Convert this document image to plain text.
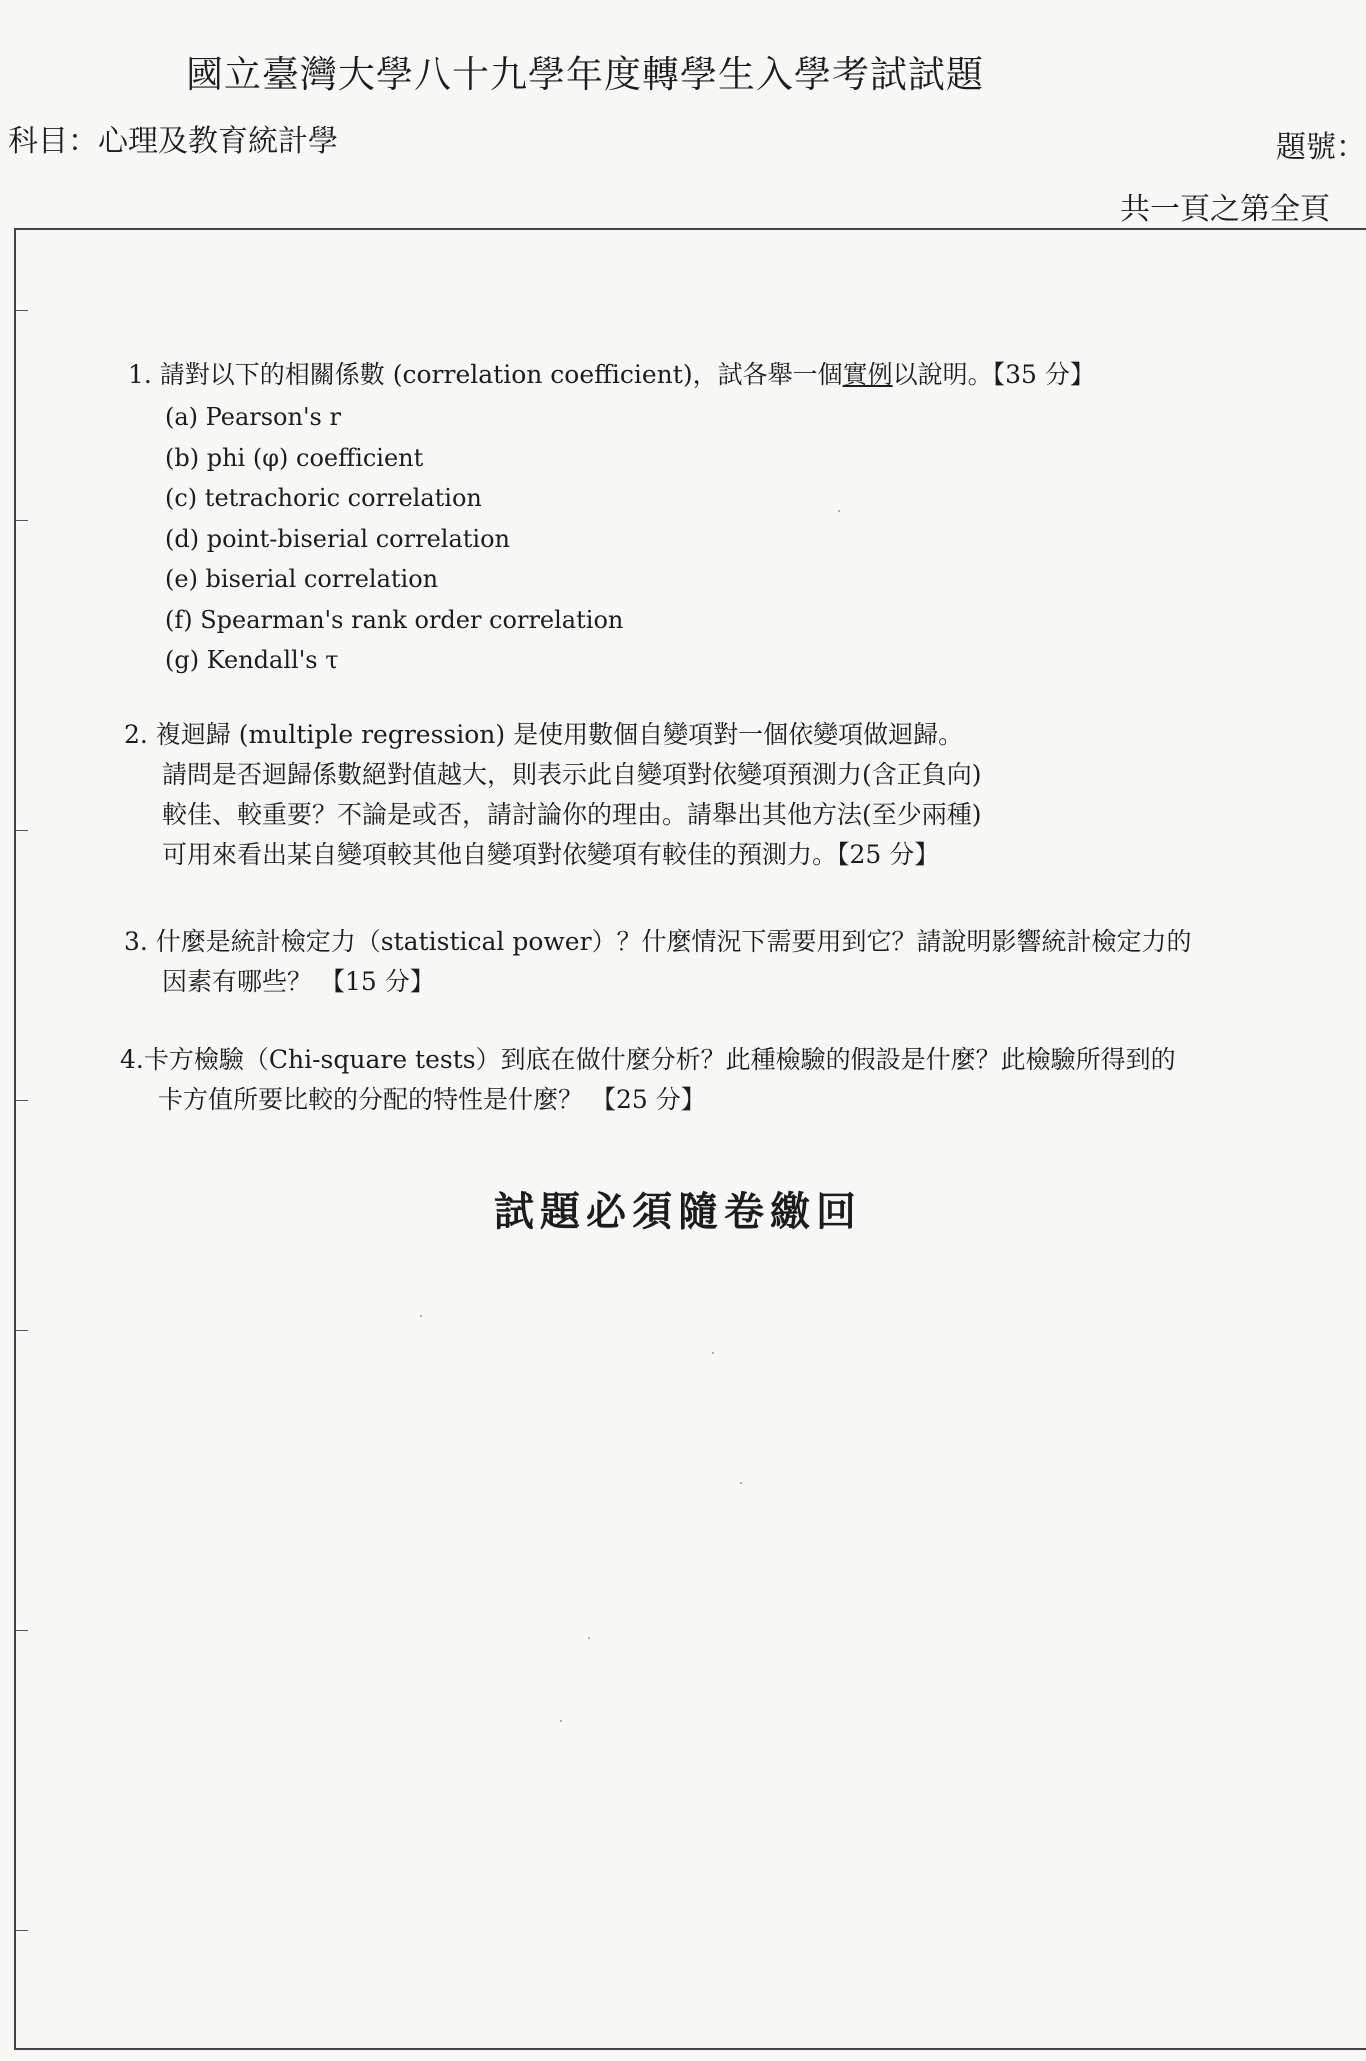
國立臺灣大學八十九學年度轉學生入學考試試題
科目：心理及教育統計學	題號：
共一頁之第全頁
1. 請對以下的相關係數 (correlation coefficient)，試各舉一個實例以說明。【35 分】
(a) Pearson's r
(b) phi (φ) coefficient
(c) tetrachoric correlation
(d) point-biserial correlation
(e) biserial correlation
(f) Spearman's rank order correlation
(g) Kendall's τ
2. 複迴歸 (multiple regression) 是使用數個自變項對一個依變項做迴歸。
請問是否迴歸係數絕對值越大，則表示此自變項對依變項預測力(含正負向)
較佳、較重要？不論是或否，請討論你的理由。請舉出其他方法(至少兩種)
可用來看出某自變項較其他自變項對依變項有較佳的預測力。【25 分】
3. 什麼是統計檢定力（statistical power）？什麼情況下需要用到它？請說明影響統計檢定力的
因素有哪些？ 【15 分】
4.卡方檢驗（Chi-square tests）到底在做什麼分析？此種檢驗的假設是什麼？此檢驗所得到的
卡方值所要比較的分配的特性是什麼？ 【25 分】
試題必須隨卷繳回
